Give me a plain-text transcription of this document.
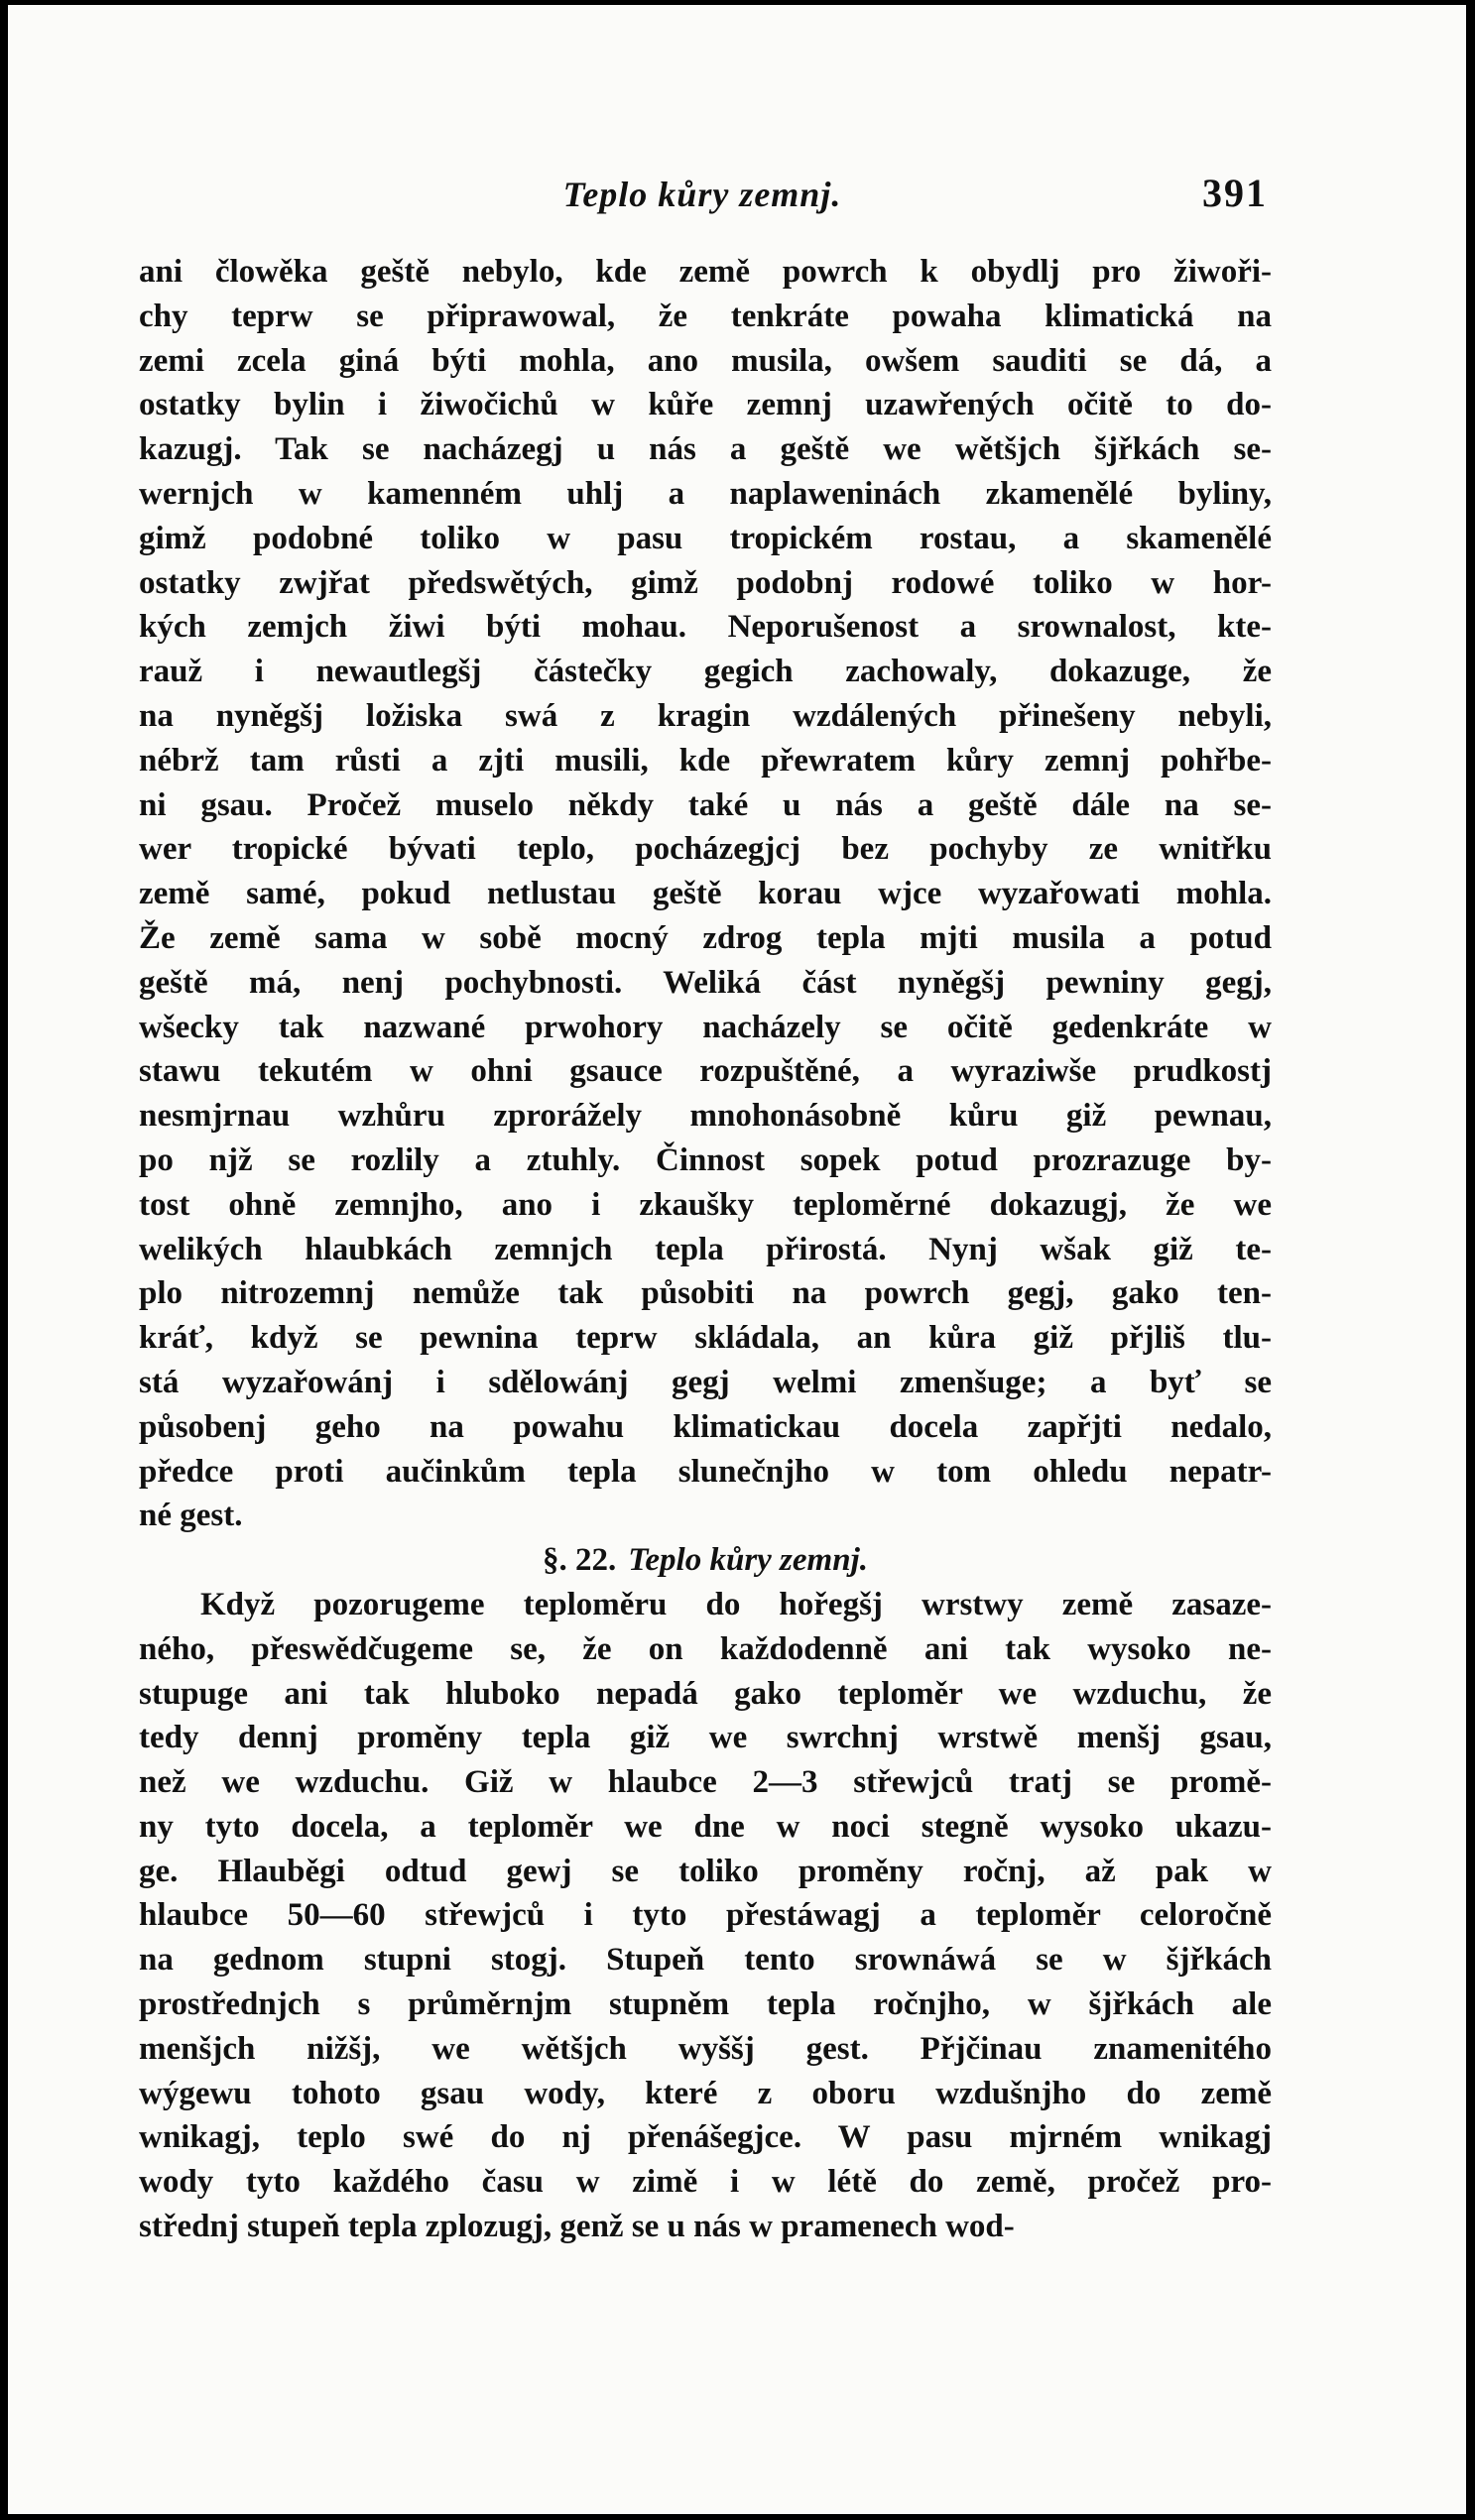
Teplo kůry zemnj.	391
ani člowěka geště nebylo, kde země powrch k obydlj pro žiwoři-
chy teprw se připrawowal, že tenkráte powaha klimatická na
zemi zcela giná býti mohla, ano musila, owšem sauditi se dá, a
ostatky bylin i žiwočichů w kůře zemnj uzawřených očitě to do-
kazugj. Tak se nacházegj u nás a geště we wětšjch šjřkách se-
wernjch w kamenném uhlj a naplaweninách zkamenělé byliny,
gimž podobné toliko w pasu tropickém rostau, a skamenělé
ostatky zwjřat předswětých, gimž podobnj rodowé toliko w hor-
kých zemjch žiwi býti mohau. Neporušenost a srownalost, kte-
rauž i newautlegšj částečky gegich zachowaly, dokazuge, že
na nyněgšj ložiska swá z kragin wzdálených přinešeny nebyli,
nébrž tam růsti a zjti musili, kde přewratem kůry zemnj pohřbe-
ni gsau. Pročež muselo někdy také u nás a geště dále na se-
wer tropické bývati teplo, pocházegjcj bez pochyby ze wnitřku
země samé, pokud netlustau geště korau wjce wyzařowati mohla.
Že země sama w sobě mocný zdrog tepla mjti musila a potud
geště má, nenj pochybnosti. Weliká část nyněgšj pewniny gegj,
wšecky tak nazwané prwohory nacházely se očitě gedenkráte w
stawu tekutém w ohni gsauce rozpuštěné, a wyraziwše prudkostj
nesmjrnau wzhůru zprorážely mnohonásobně kůru giž pewnau,
po njž se rozlily a ztuhly. Činnost sopek potud prozrazuge by-
tost ohně zemnjho, ano i zkaušky teploměrné dokazugj, že we
welikých hlaubkách zemnjch tepla přirostá. Nynj wšak giž te-
plo nitrozemnj nemůže tak působiti na powrch gegj, gako ten-
kráť, když se pewnina teprw skládala, an kůra giž přjliš tlu-
stá wyzařowánj i sdělowánj gegj welmi zmenšuge; a byť se
působenj geho na powahu klimatickau docela zapřjti nedalo,
předce proti aučinkům tepla slunečnjho w tom ohledu nepatr-
né gest.
§. 22. Teplo kůry zemnj.
Když pozorugeme teploměru do hořegšj wrstwy země zasaze-
ného, přeswědčugeme se, že on každodenně ani tak wysoko ne-
stupuge ani tak hluboko nepadá gako teploměr we wzduchu, že
tedy dennj proměny tepla giž we swrchnj wrstwě menšj gsau,
než we wzduchu. Giž w hlaubce 2—3 střewjců tratj se promě-
ny tyto docela, a teploměr we dne w noci stegně wysoko ukazu-
ge. Hlauběgi odtud gewj se toliko proměny ročnj, až pak w
hlaubce 50—60 střewjců i tyto přestáwagj a teploměr celoročně
na gednom stupni stogj. Stupeň tento srownáwá se w šjřkách
prostřednjch s průměrnjm stupněm tepla ročnjho, w šjřkách ale
menšjch nižšj, we wětšjch wyššj gest. Přjčinau znamenitého
wýgewu tohoto gsau wody, které z oboru wzdušnjho do země
wnikagj, teplo swé do nj přenášegjce. W pasu mjrném wnikagj
wody tyto každého času w zimě i w létě do země, pročež pro-
střednj stupeň tepla zplozugj, genž se u nás w pramenech wod-
